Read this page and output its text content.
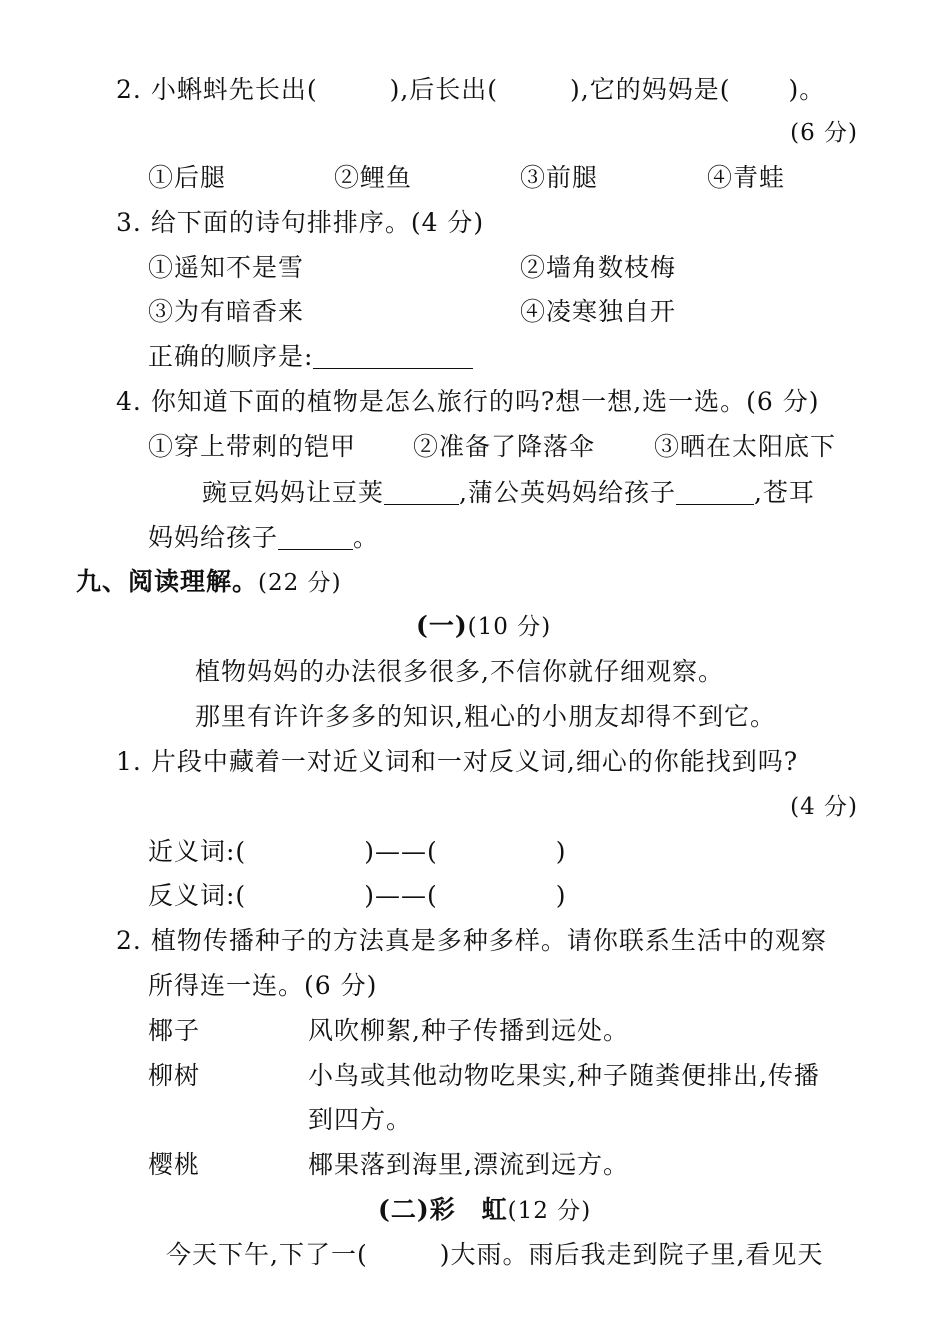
2. 小蝌蚪先长出(	),后长出(	),它的妈妈是( )。
(6 分)
①后腿	②鲤鱼	③前腿	④青蛙
3. 给下面的诗句排排序。(4 分)
①遥知不是雪	②墙角数枝梅
③为有暗香来	④凌寒独自开
正确的顺序是:
4. 你知道下面的植物是怎么旅行的吗?想一想,选一选。(6 分)
①穿上带刺的铠甲 ②准备了降落伞 ③晒在太阳底下
豌豆妈妈让豆荚	,蒲公英妈妈给孩子	,苍耳
妈妈给孩子	。
九、阅读理解。(22 分)
(一)(10 分)
植物妈妈的办法很多很多,不信你就仔细观察。
那里有许许多多的知识,粗心的小朋友却得不到它。
1. 片段中藏着一对近义词和一对反义词,细心的你能找到吗?
(4 分)
近义词:(	)——(	)
反义词:(	)——(	)
2. 植物传播种子的方法真是多种多样。请你联系生活中的观察
所得连一连。(6 分)
椰子	风吹柳絮,种子传播到远处。
柳树	小鸟或其他动物吃果实,种子随粪便排出,传播
到四方。
樱桃	椰果落到海里,漂流到远方。
(二)彩　虹(12 分)
今天下午,下了一(	)大雨。雨后我走到院子里,看见天
